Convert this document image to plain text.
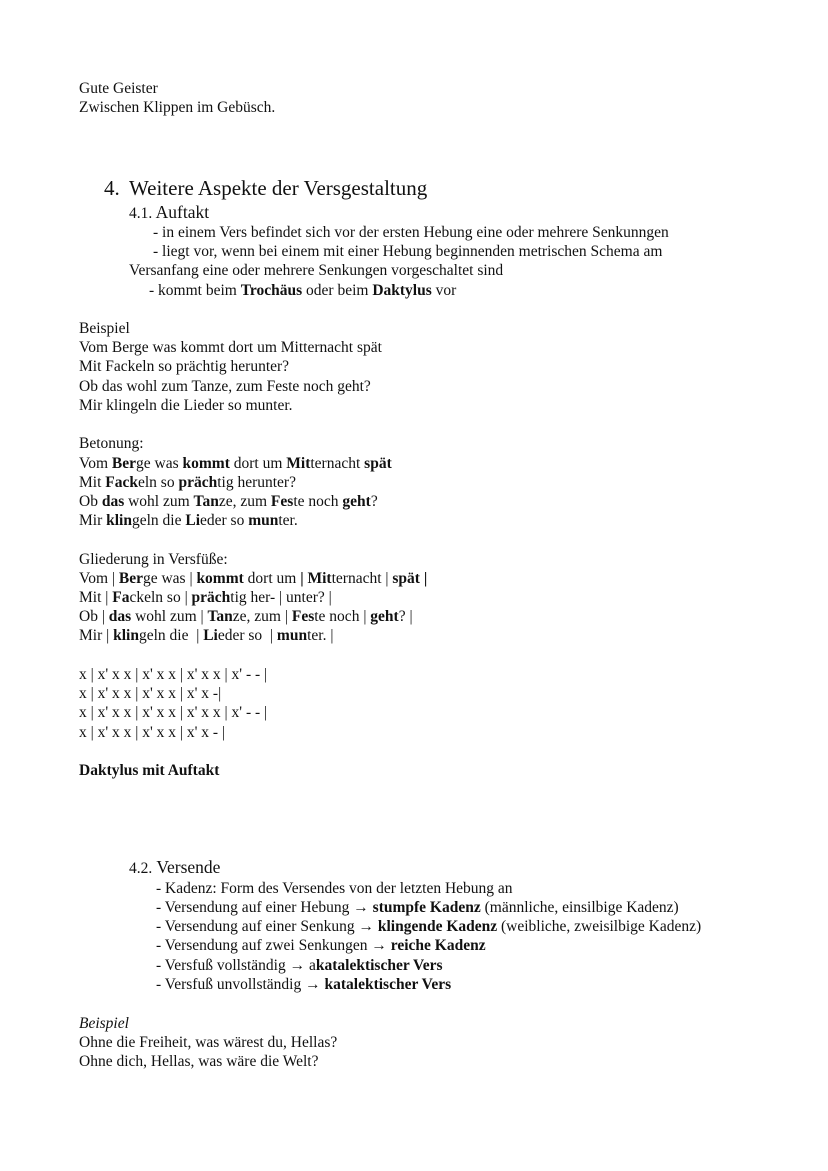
Gute Geister
Zwischen Klippen im Gebüsch.
4. Weitere Aspekte der Versgestaltung
4.1. Auftakt
- in einem Vers befindet sich vor der ersten Hebung eine oder mehrere Senkunngen
- liegt vor, wenn bei einem mit einer Hebung beginnenden metrischen Schema am
Versanfang eine oder mehrere Senkungen vorgeschaltet sind
- kommt beim Trochäus oder beim Daktylus vor
Beispiel
Vom Berge was kommt dort um Mitternacht spät
Mit Fackeln so prächtig herunter?
Ob das wohl zum Tanze, zum Feste noch geht?
Mir klingeln die Lieder so munter.
Betonung:
Vom Berge was kommt dort um Mitternacht spät
Mit Fackeln so prächtig herunter?
Ob das wohl zum Tanze, zum Feste noch geht?
Mir klingeln die Lieder so munter.
Gliederung in Versfüße:
Vom | Berge was | kommt dort um | Mitternacht | spät |
Mit | Fackeln so | prächtig her- | unter? |
Ob | das wohl zum | Tanze, zum | Feste noch | geht? |
Mir | klingeln die  | Lieder so  | munter. |
x | x' x x | x' x x | x' x x | x' - - |
x | x' x x | x' x x | x' x -|
x | x' x x | x' x x | x' x x | x' - - |
x | x' x x | x' x x | x' x - |
Daktylus mit Auftakt
4.2. Versende
- Kadenz: Form des Versendes von der letzten Hebung an
- Versendung auf einer Hebung → stumpfe Kadenz (männliche, einsilbige Kadenz)
- Versendung auf einer Senkung → klingende Kadenz (weibliche, zweisilbige Kadenz)
- Versendung auf zwei Senkungen → reiche Kadenz
- Versfuß vollständig → akatalektischer Vers
- Versfuß unvollständig → katalektischer Vers
Beispiel
Ohne die Freiheit, was wärest du, Hellas?
Ohne dich, Hellas, was wäre die Welt?
